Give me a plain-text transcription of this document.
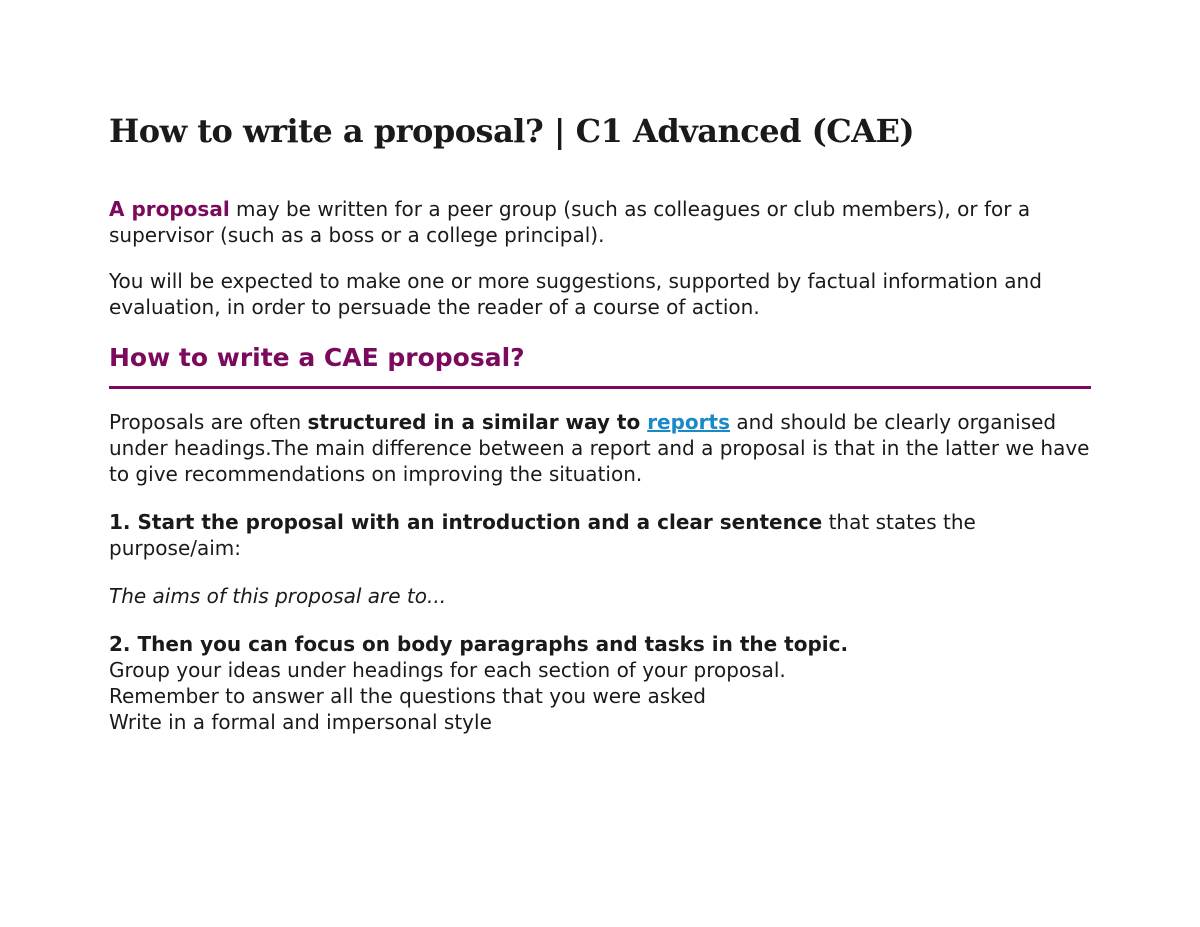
How to write a proposal? | C1 Advanced (CAE)

A proposal may be written for a peer group (such as colleagues or club members), or for a supervisor (such as a boss or a college principal).

You will be expected to make one or more suggestions, supported by factual information and evaluation, in order to persuade the reader of a course of action.

How to write a CAE proposal?

Proposals are often structured in a similar way to reports and should be clearly organised under headings.The main difference between a report and a proposal is that in the latter we have to give recommendations on improving the situation.

1. Start the proposal with an introduction and a clear sentence that states the purpose/aim:

The aims of this proposal are to...

2. Then you can focus on body paragraphs and tasks in the topic.
Group your ideas under headings for each section of your proposal.
Remember to answer all the questions that you were asked
Write in a formal and impersonal style
